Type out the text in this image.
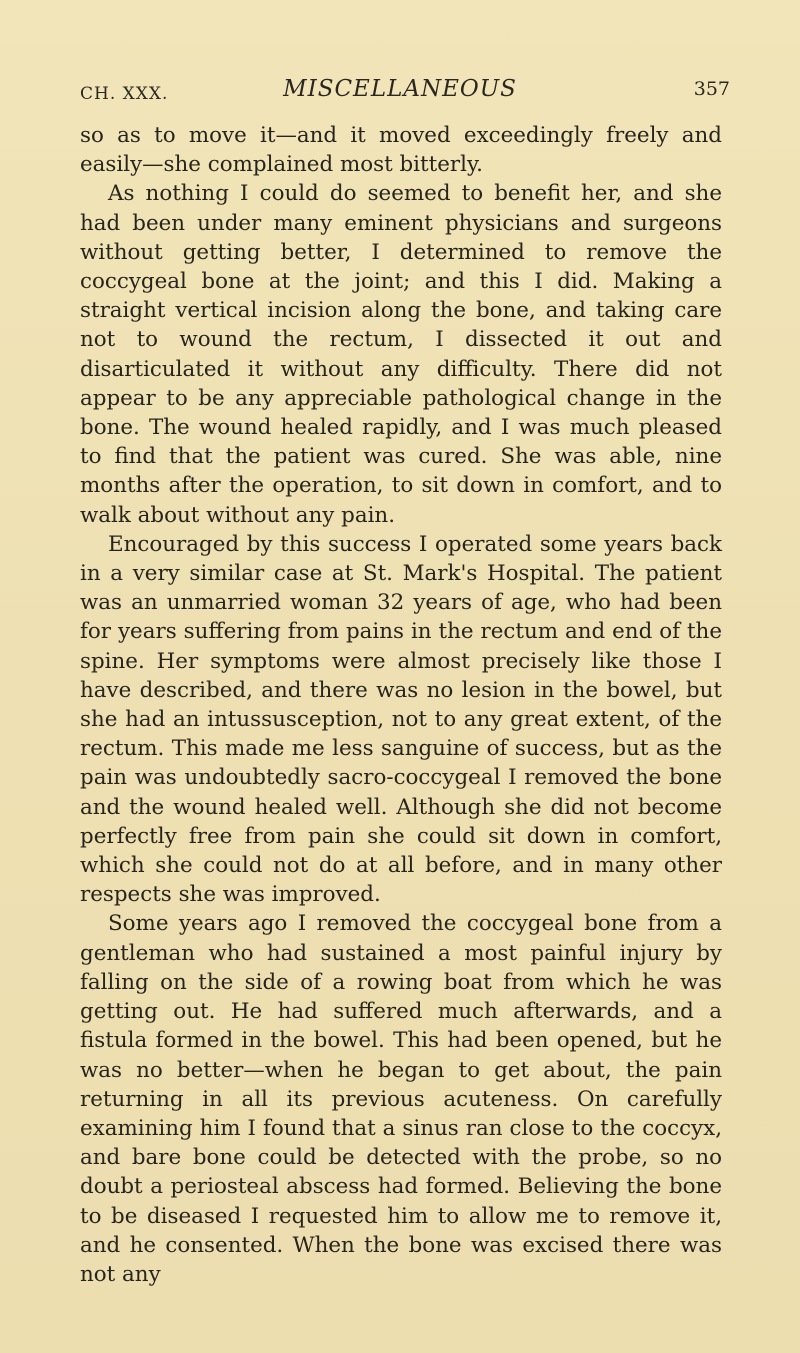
CH. XXX.	MISCELLANEOUS	357

so as to move it—and it moved exceedingly freely and easily—she complained most bitterly.

As nothing I could do seemed to benefit her, and she had been under many eminent physicians and surgeons without getting better, I determined to remove the coccygeal bone at the joint; and this I did. Making a straight vertical incision along the bone, and taking care not to wound the rectum, I dissected it out and disarticulated it without any difficulty. There did not appear to be any appreciable pathological change in the bone. The wound healed rapidly, and I was much pleased to find that the patient was cured. She was able, nine months after the operation, to sit down in comfort, and to walk about without any pain.

Encouraged by this success I operated some years back in a very similar case at St. Mark's Hospital. The patient was an unmarried woman 32 years of age, who had been for years suffering from pains in the rectum and end of the spine. Her symptoms were almost precisely like those I have described, and there was no lesion in the bowel, but she had an intussusception, not to any great extent, of the rectum. This made me less sanguine of success, but as the pain was undoubtedly sacro-coccygeal I removed the bone and the wound healed well. Although she did not become perfectly free from pain she could sit down in comfort, which she could not do at all before, and in many other respects she was improved.

Some years ago I removed the coccygeal bone from a gentleman who had sustained a most painful injury by falling on the side of a rowing boat from which he was getting out. He had suffered much afterwards, and a fistula formed in the bowel. This had been opened, but he was no better—when he began to get about, the pain returning in all its previous acuteness. On carefully examining him I found that a sinus ran close to the coccyx, and bare bone could be detected with the probe, so no doubt a periosteal abscess had formed. Believing the bone to be diseased I requested him to allow me to remove it, and he consented. When the bone was excised there was not any
